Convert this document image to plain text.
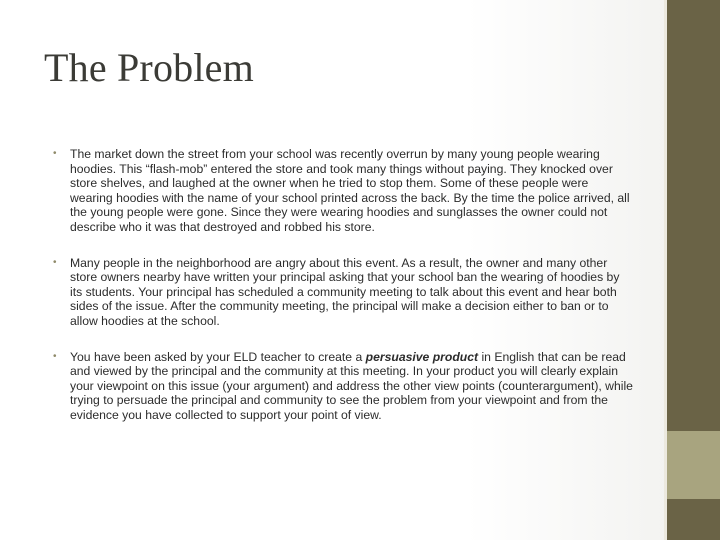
The Problem
• The market down the street from your school was recently overrun by many young people wearing hoodies. This “flash-mob” entered the store and took many things without paying. They knocked over store shelves, and laughed at the owner when he tried to stop them. Some of these people were wearing hoodies with the name of your school printed across the back. By the time the police arrived, all the young people were gone. Since they were wearing hoodies and sunglasses the owner could not describe who it was that destroyed and robbed his store.
• Many people in the neighborhood are angry about this event. As a result, the owner and many other store owners nearby have written your principal asking that your school ban the wearing of hoodies by its students. Your principal has scheduled a community meeting to talk about this event and hear both sides of the issue. After the community meeting, the principal will make a decision either to ban or to allow hoodies at the school.
• You have been asked by your ELD teacher to create a persuasive product in English that can be read and viewed by the principal and the community at this meeting. In your product you will clearly explain your viewpoint on this issue (your argument) and address the other view points (counterargument), while trying to persuade the principal and community to see the problem from your viewpoint and from the evidence you have collected to support your point of view.
